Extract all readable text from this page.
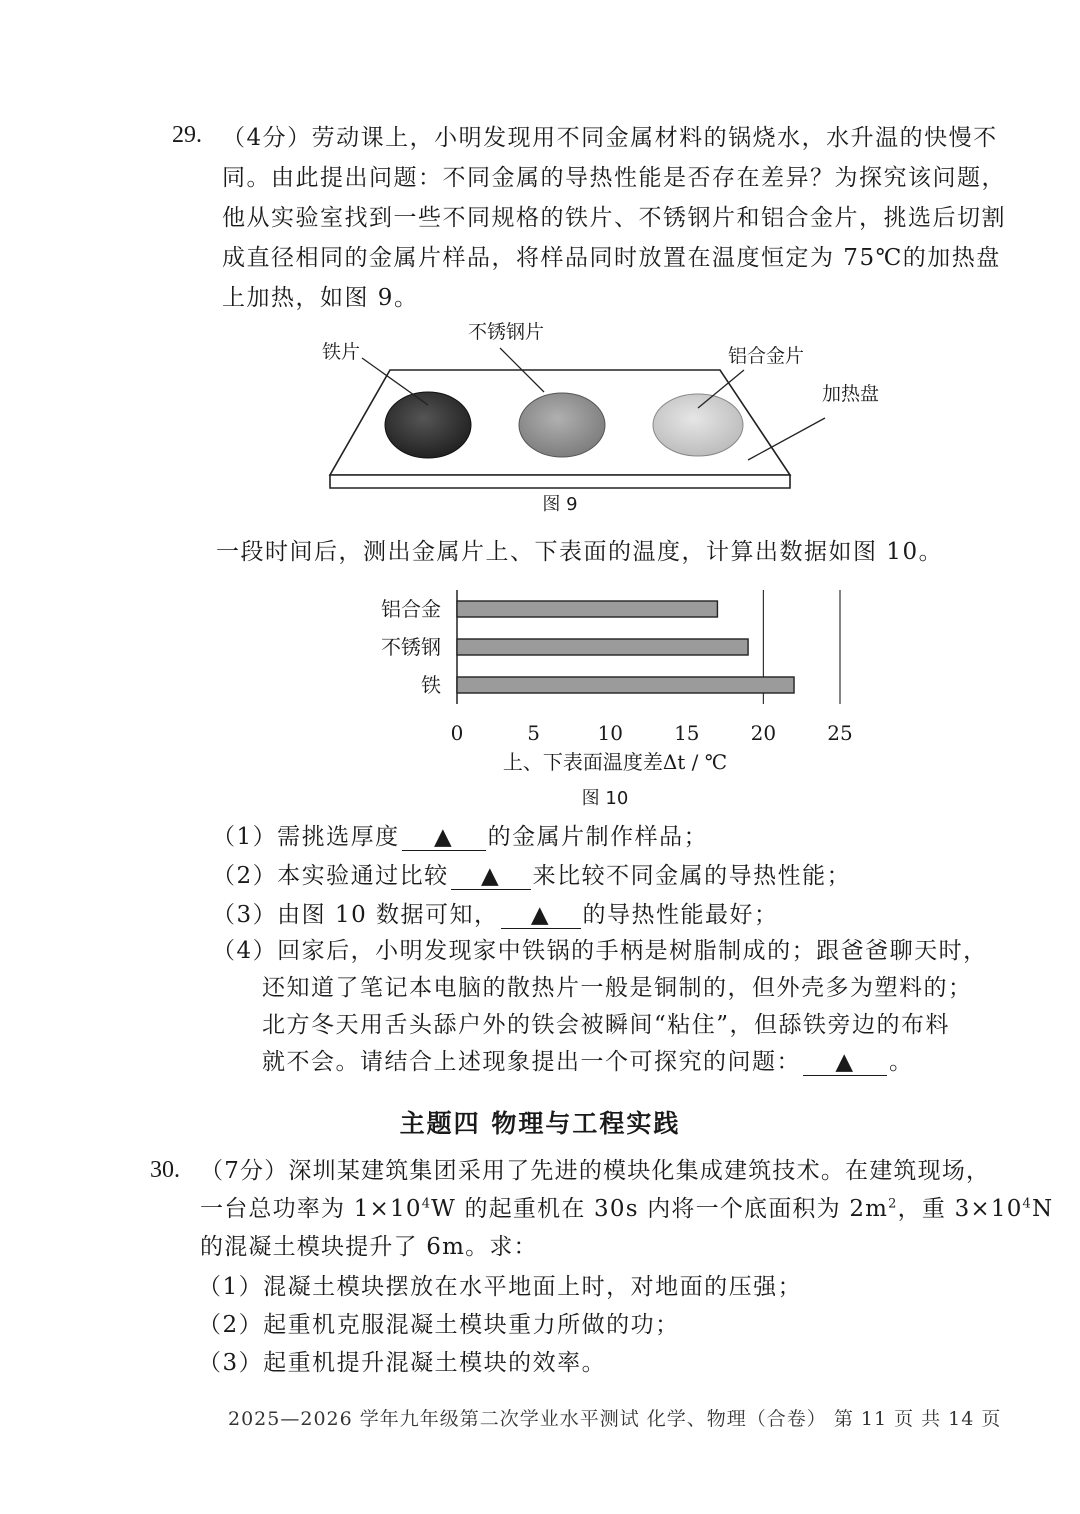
29. （4分）劳动课上，小明发现用不同金属材料的锅烧水，水升温的快慢不
同。由此提出问题：不同金属的导热性能是否存在差异？为探究该问题，
他从实验室找到一些不同规格的铁片、不锈钢片和铝合金片，挑选后切割
成直径相同的金属片样品，将样品同时放置在温度恒定为 75℃的加热盘
上加热，如图 9。
铁片
不锈钢片
铝合金片
加热盘
图 9
一段时间后，测出金属片上、下表面的温度，计算出数据如图 10。
铝合金
不锈钢
铁
0	5	10	15	20	25
上、下表面温度差Δt / ℃
图 10
（1）需挑选厚度 ▲ 的金属片制作样品；
（2）本实验通过比较 ▲ 来比较不同金属的导热性能；
（3）由图 10 数据可知， ▲ 的导热性能最好；
（4）回家后，小明发现家中铁锅的手柄是树脂制成的；跟爸爸聊天时，
还知道了笔记本电脑的散热片一般是铜制的，但外壳多为塑料的；
北方冬天用舌头舔户外的铁会被瞬间“粘住”，但舔铁旁边的布料
就不会。请结合上述现象提出一个可探究的问题： ▲ 。
主题四 物理与工程实践
30. （7分）深圳某建筑集团采用了先进的模块化集成建筑技术。在建筑现场，
一台总功率为 $1\times 10^4W$ 的起重机在 30s 内将一个底面积为 $2m^2$，重 $3\times 10^4N$
的混凝土模块提升了 6m。求：
（1）混凝土模块摆放在水平地面上时，对地面的压强；
（2）起重机克服混凝土模块重力所做的功；
（3）起重机提升混凝土模块的效率。
2025—2026 学年九年级第二次学业水平测试 化学、物理（合卷） 第 11 页 共 14 页
